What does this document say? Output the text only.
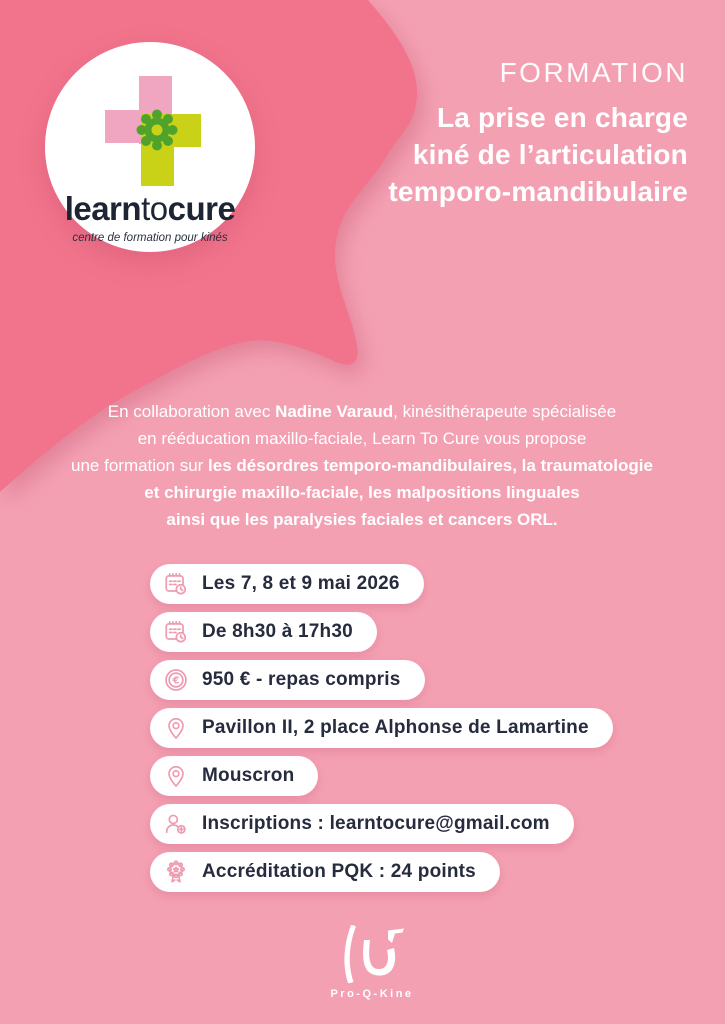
learntocure
centre de formation pour kinés
FORMATION
La prise en charge
kiné de l’articulation
temporo-mandibulaire
En collaboration avec Nadine Varaud, kinésithérapeute spécialisée
en rééducation maxillo-faciale, Learn To Cure vous propose
une formation sur les désordres temporo-mandibulaires, la traumatologie
et chirurgie maxillo-faciale, les malpositions linguales
ainsi que les paralysies faciales et cancers ORL.
Les 7, 8 et 9 mai 2026
De 8h30 à 17h30
€ 950 € - repas compris
Pavillon II, 2 place Alphonse de Lamartine
Mouscron
Inscriptions : learntocure@gmail.com
Accréditation PQK : 24 points
Pro-Q-Kine
